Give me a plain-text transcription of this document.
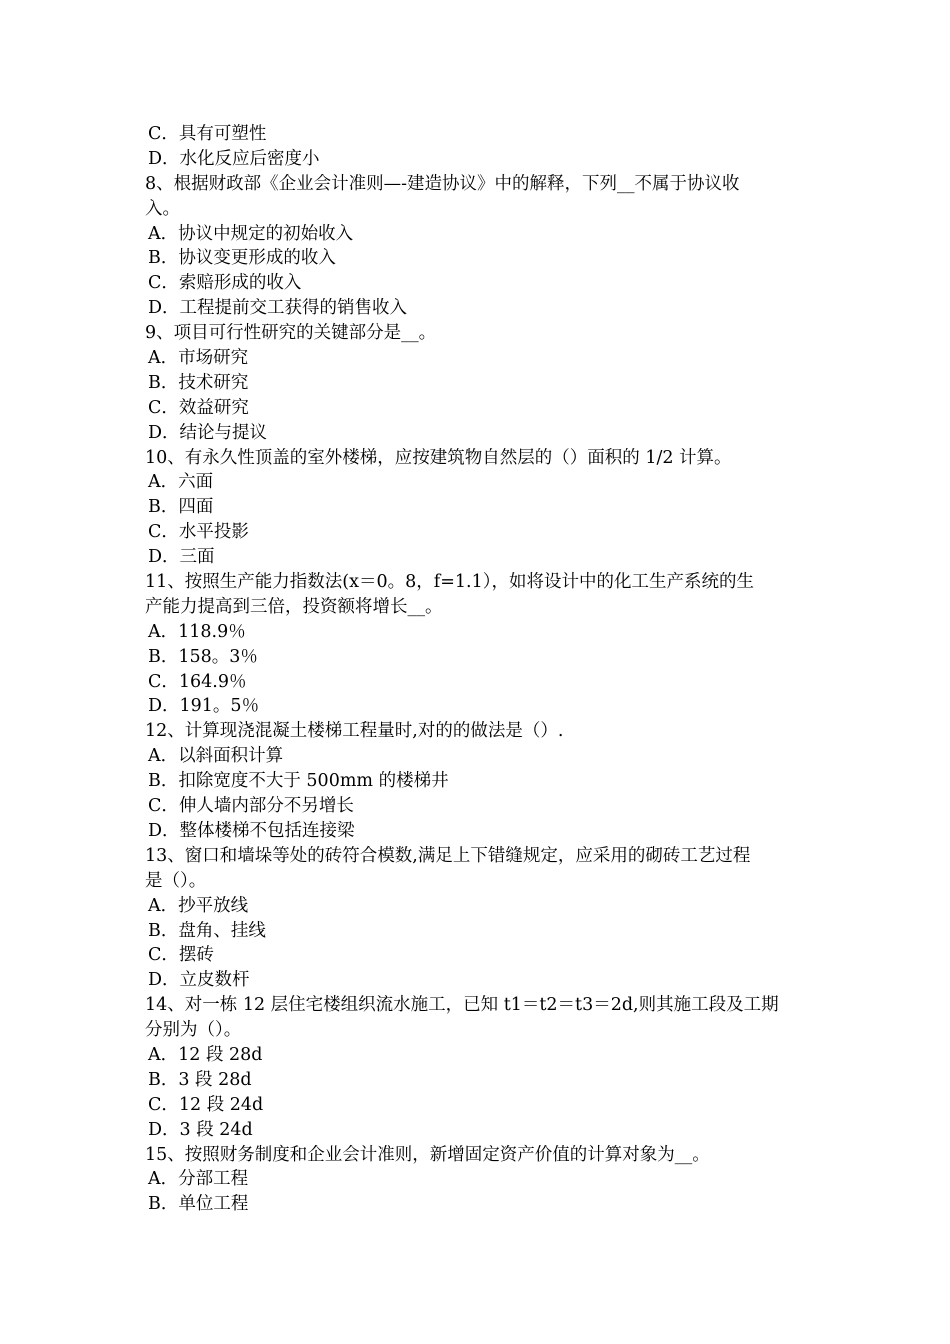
C．具有可塑性
D．水化反应后密度小
8、根据财政部《企业会计准则—-建造协议》中的解释，下列__不属于协议收
入。
A．协议中规定的初始收入
B．协议变更形成的收入
C．索赔形成的收入
D．工程提前交工获得的销售收入
9、项目可行性研究的关键部分是__。
A．市场研究
B．技术研究
C．效益研究
D．结论与提议
10、有永久性顶盖的室外楼梯，应按建筑物自然层的（）面积的 1/2 计算。
A．六面
B．四面
C．水平投影
D．三面
11、按照生产能力指数法(x＝0。8，f=1.1），如将设计中的化工生产系统的生
产能力提高到三倍，投资额将增长__。
A．118.9％
B．158。3％
C．164.9％
D．191。5％
12、计算现浇混凝土楼梯工程量时,对的的做法是（）.
A．以斜面积计算
B．扣除宽度不大于 500mm 的楼梯井
C．伸人墙内部分不另增长
D．整体楼梯不包括连接梁
13、窗口和墙垛等处的砖符合模数,满足上下错缝规定，应采用的砌砖工艺过程
是（）。
A．抄平放线
B．盘角、挂线
C．摆砖
D．立皮数杆
14、对一栋 12 层住宅楼组织流水施工，已知 t1＝t2＝t3＝2d,则其施工段及工期
分别为（）。
A．12 段 28d
B．3 段 28d
C．12 段 24d
D．3 段 24d
15、按照财务制度和企业会计准则，新增固定资产价值的计算对象为__。
A．分部工程
B．单位工程
